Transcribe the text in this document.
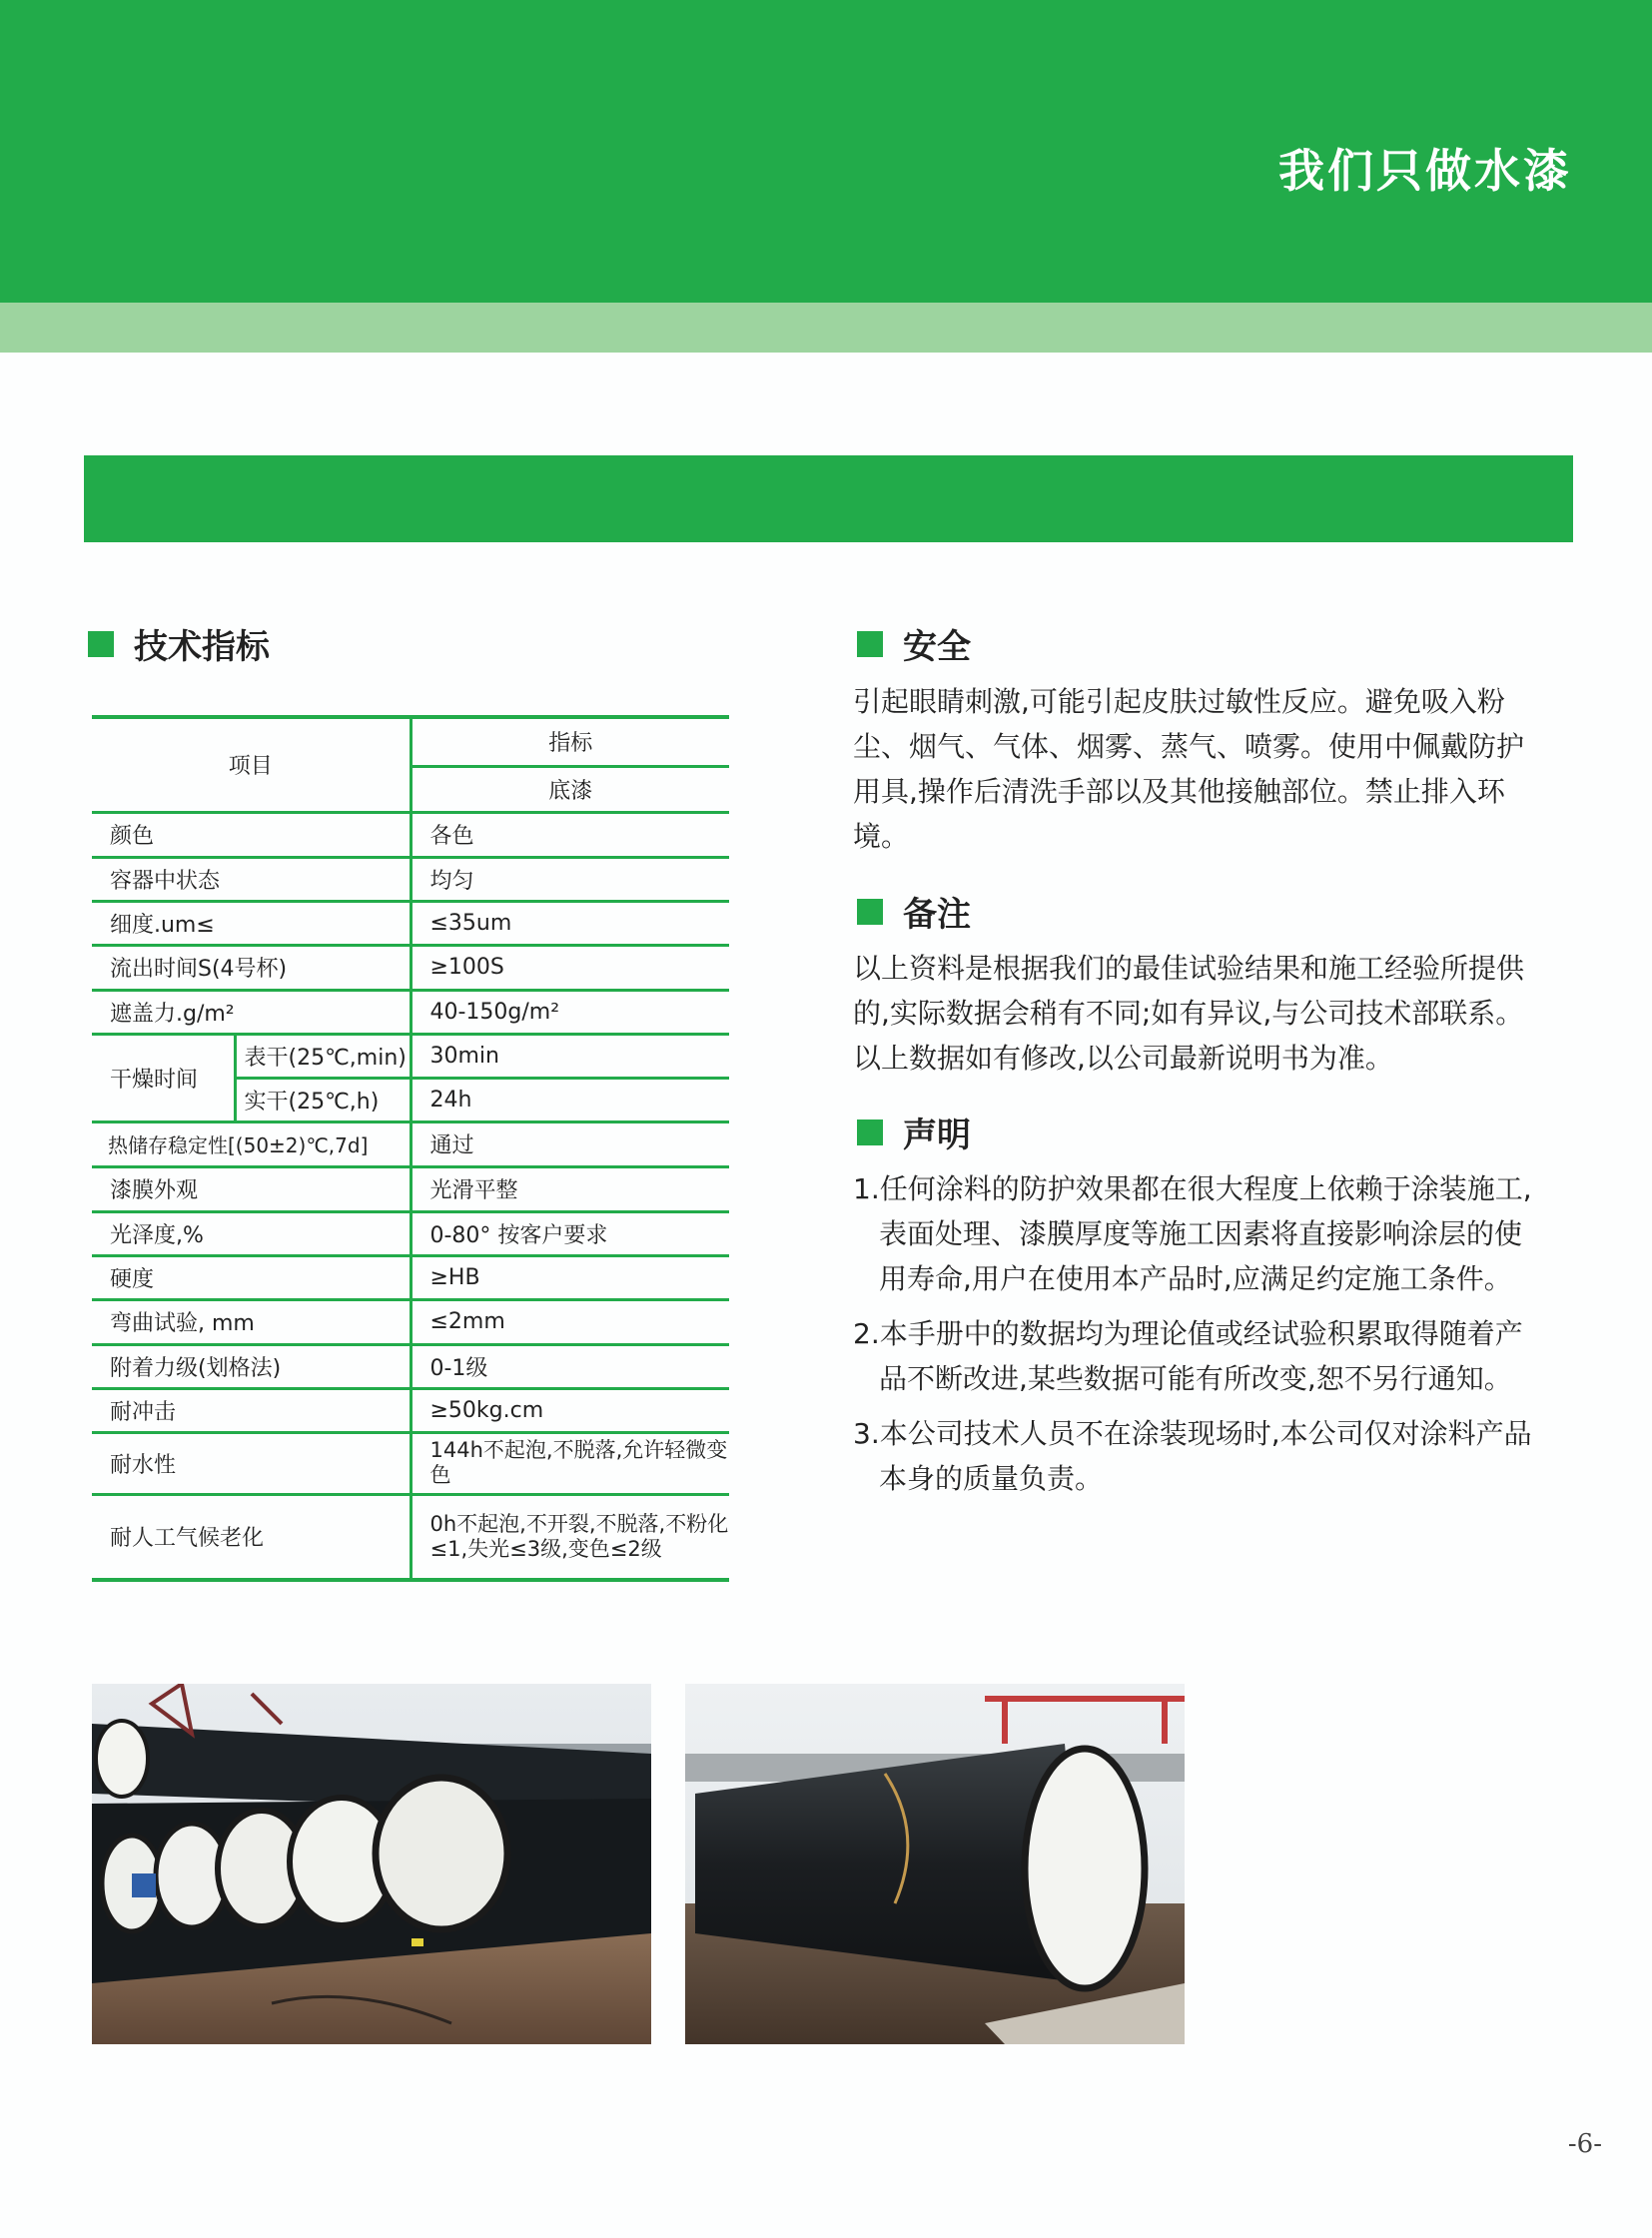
我们只做水漆
技术指标
项目		指标
		底漆
颜色		各色
容器中状态		均匀
细度.um≤		≤35um
流出时间S(4号杯)		≥100S
遮盖力.g/m²		40-150g/m²
干燥时间	表干(25℃,min)	30min
	实干(25℃,h)	24h
热储存稳定性[(50±2)℃,7d]		通过
漆膜外观		光滑平整
光泽度,%		0-80° 按客户要求
硬度		≥HB
弯曲试验, mm		≤2mm
附着力级(划格法)		0-1级
耐冲击		≥50kg.cm
耐水性		144h不起泡,不脱落,允许轻微变色
耐人工气候老化		0h不起泡,不开裂,不脱落,不粉化≤1,失光≤3级,变色≤2级
安全
引起眼睛刺激,可能引起皮肤过敏性反应。避免吸入粉尘、烟气、气体、烟雾、蒸气、喷雾。使用中佩戴防护用具,操作后清洗手部以及其他接触部位。禁止排入环境。
备注
以上资料是根据我们的最佳试验结果和施工经验所提供的,实际数据会稍有不同;如有异议,与公司技术部联系。以上数据如有修改,以公司最新说明书为准。
声明
1.任何涂料的防护效果都在很大程度上依赖于涂装施工,表面处理、漆膜厚度等施工因素将直接影响涂层的使用寿命,用户在使用本产品时,应满足约定施工条件。
2.本手册中的数据均为理论值或经试验积累取得随着产品不断改进,某些数据可能有所改变,恕不另行通知。
3.本公司技术人员不在涂装现场时,本公司仅对涂料产品本身的质量负责。
-6-
